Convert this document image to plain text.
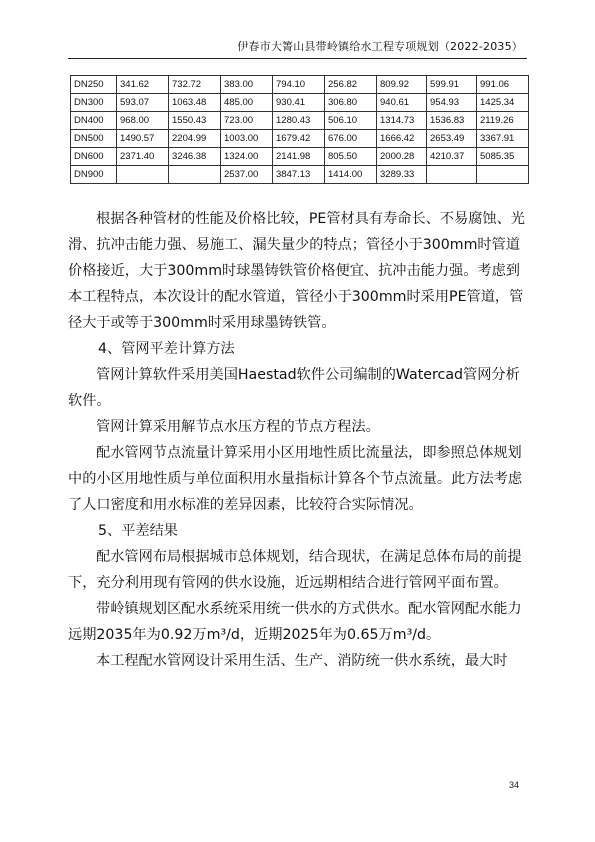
伊春市大箐山县带岭镇给水工程专项规划（2022-2035）
DN250	341.62	732.72	383.00	794.10	256.82	809.92	599.91	991.06
DN300	593.07	1063.48	485.00	930.41	306.80	940.61	954.93	1425.34
DN400	968.00	1550.43	723.00	1280.43	506.10	1314.73	1536.83	2119.26
DN500	1490.57	2204.99	1003.00	1679.42	676.00	1666.42	2653.49	3367.91
DN600	2371.40	3246.38	1324.00	2141.98	805.50	2000.28	4210.37	5085.35
DN900			2537.00	3847.13	1414.00	3289.33		

根据各种管材的性能及价格比较，PE管材具有寿命长、不易腐蚀、光滑、抗冲击能力强、易施工、漏失量少的特点；管径小于300mm时管道价格接近，大于300mm时球墨铸铁管价格便宜、抗冲击能力强。考虑到本工程特点，本次设计的配水管道，管径小于300mm时采用PE管道，管径大于或等于300mm时采用球墨铸铁管。

4、管网平差计算方法

管网计算软件采用美国Haestad软件公司编制的Watercad管网分析软件。

管网计算采用解节点水压方程的节点方程法。

配水管网节点流量计算采用小区用地性质比流量法，即参照总体规划中的小区用地性质与单位面积用水量指标计算各个节点流量。此方法考虑了人口密度和用水标准的差异因素，比较符合实际情况。

5、平差结果

配水管网布局根据城市总体规划，结合现状，在满足总体布局的前提下，充分利用现有管网的供水设施，近远期相结合进行管网平面布置。

带岭镇规划区配水系统采用统一供水的方式供水。配水管网配水能力远期2035年为0.92万m³/d，近期2025年为0.65万m³/d。

本工程配水管网设计采用生活、生产、消防统一供水系统，最大时

34
